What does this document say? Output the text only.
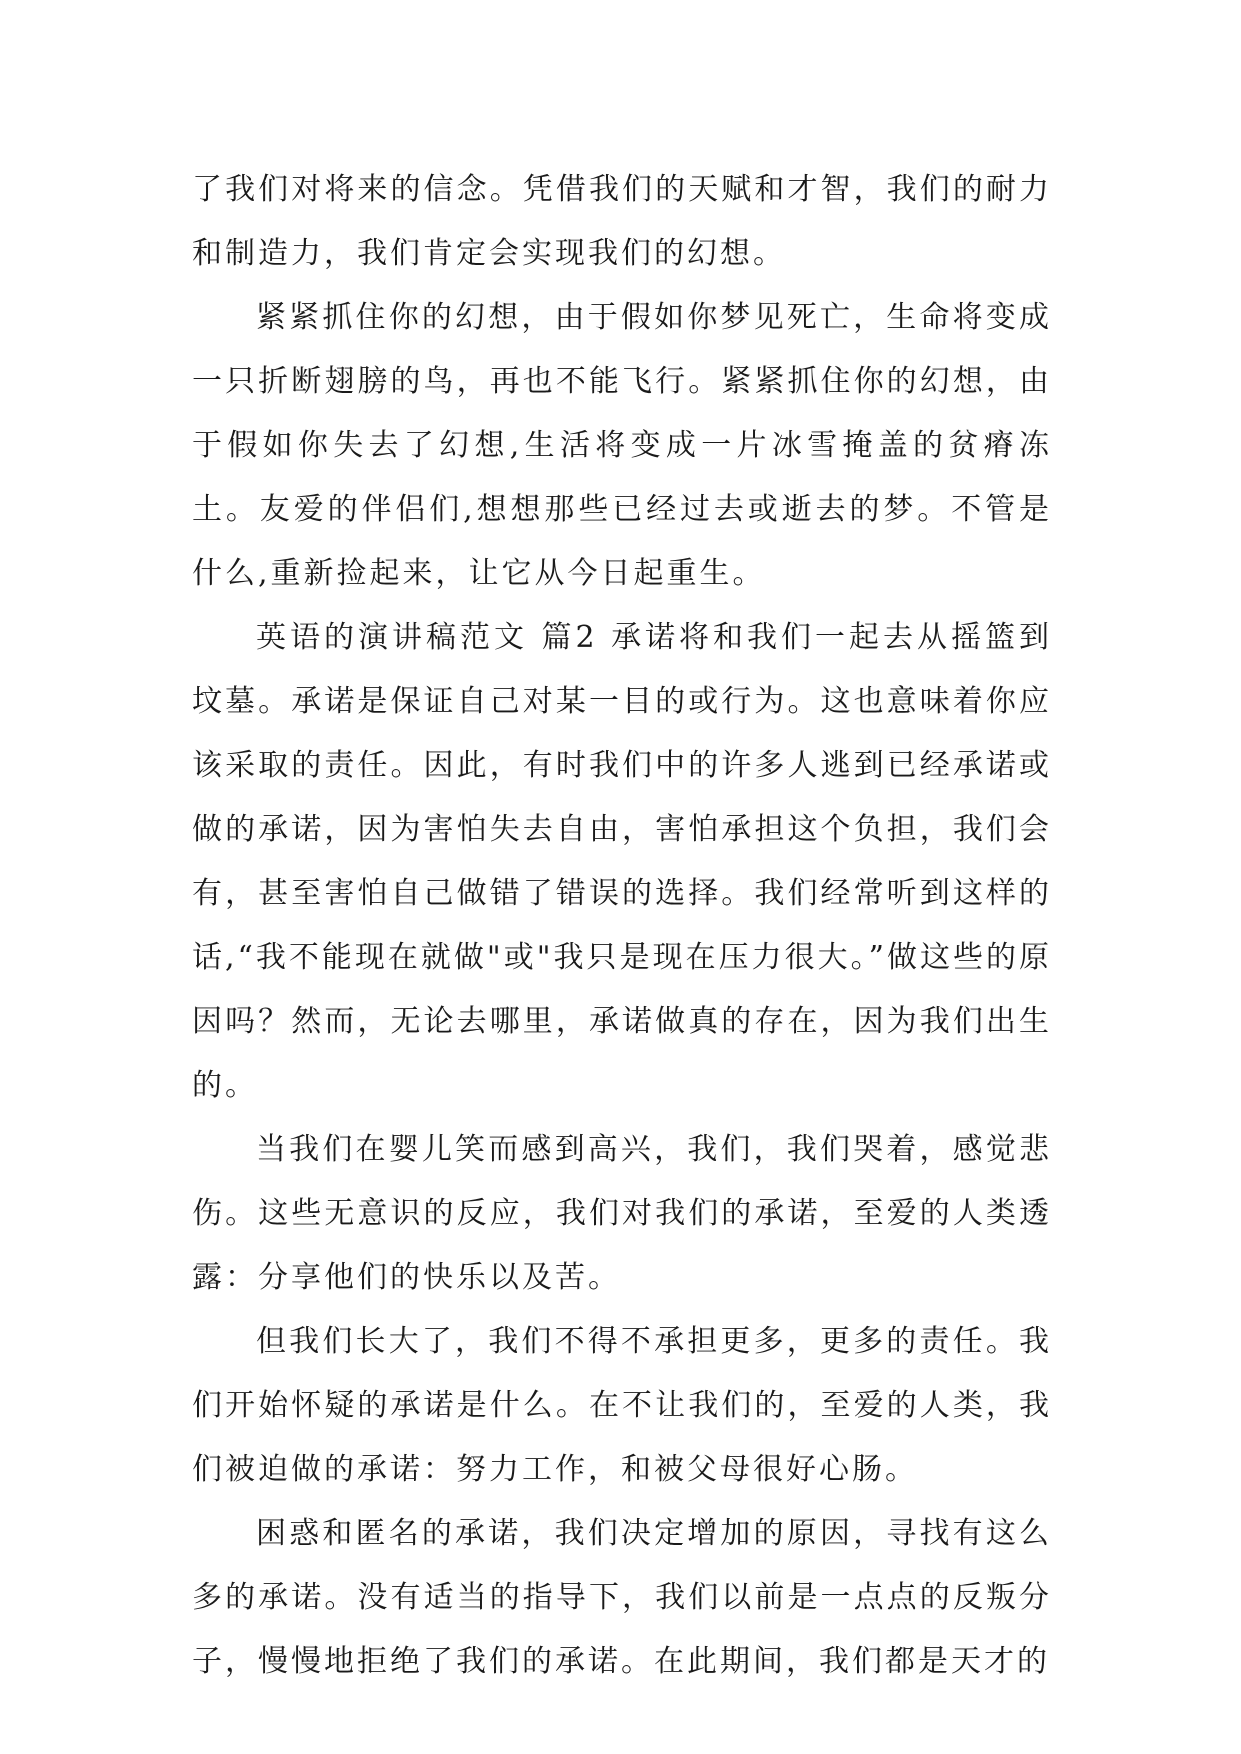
了我们对将来的信念。凭借我们的天赋和才智，我们的耐力和制造力，我们肯定会实现我们的幻想。

紧紧抓住你的幻想，由于假如你梦见死亡，生命将变成一只折断翅膀的鸟，再也不能飞行。紧紧抓住你的幻想，由于假如你失去了幻想,生活将变成一片冰雪掩盖的贫瘠冻土。友爱的伴侣们,想想那些已经过去或逝去的梦。不管是什么,重新捡起来，让它从今日起重生。

英语的演讲稿范文 篇2 承诺将和我们一起去从摇篮到坟墓。承诺是保证自己对某一目的或行为。这也意味着你应该采取的责任。因此，有时我们中的许多人逃到已经承诺或做的承诺，因为害怕失去自由，害怕承担这个负担，我们会有，甚至害怕自己做错了错误的选择。我们经常听到这样的话,“我不能现在就做"或"我只是现在压力很大。”做这些的原因吗？然而，无论去哪里，承诺做真的存在，因为我们出生的。

当我们在婴儿笑而感到高兴，我们，我们哭着，感觉悲伤。这些无意识的反应，我们对我们的承诺，至爱的人类透露：分享他们的快乐以及苦。

但我们长大了，我们不得不承担更多，更多的责任。我们开始怀疑的承诺是什么。在不让我们的，至爱的人类，我们被迫做的承诺：努力工作，和被父母很好心肠。

困惑和匿名的承诺，我们决定增加的原因，寻找有这么多的承诺。没有适当的指导下，我们以前是一点点的反叛分子，慢慢地拒绝了我们的承诺。在此期间，我们都是天才的
